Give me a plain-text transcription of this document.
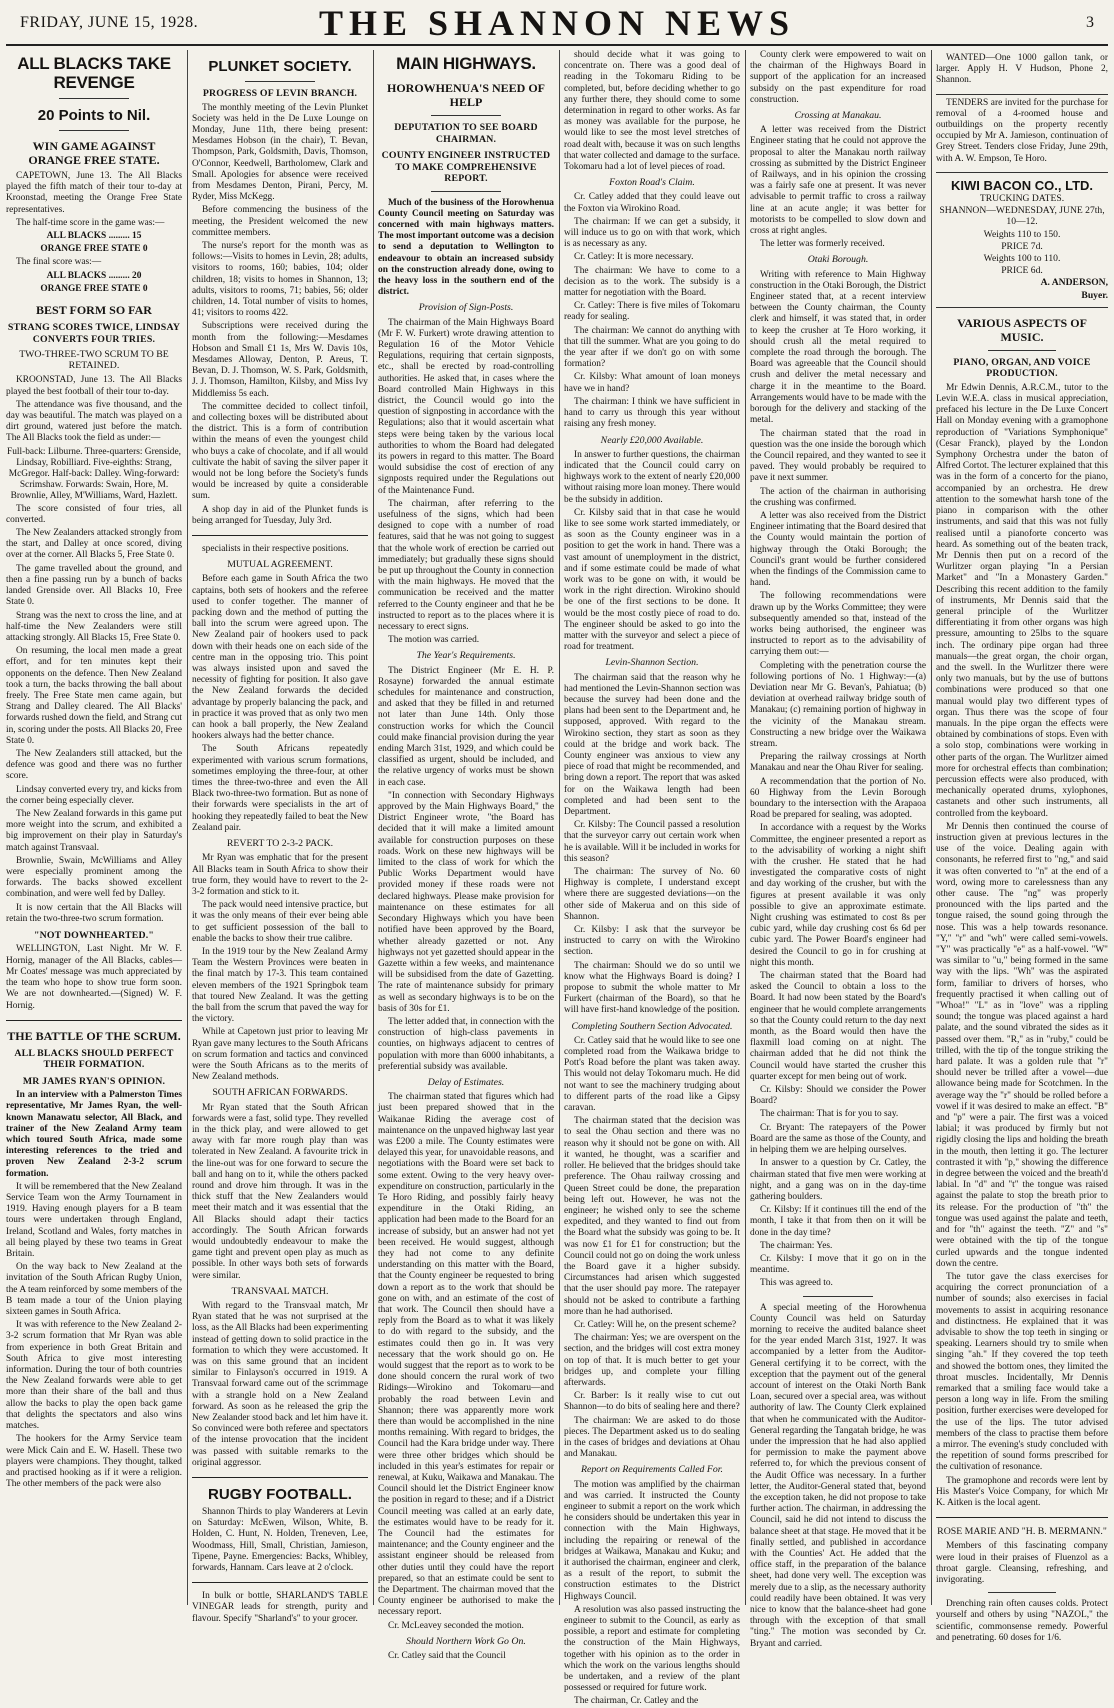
FRIDAY, JUNE 15, 1928.	THE SHANNON NEWS	3
ALL BLACKS TAKE REVENGE
20 Points to Nil.
WIN GAME AGAINST ORANGE FREE STATE.

CAPETOWN, June 13. The All Blacks played the fifth match of their tour to-day at Kroonstad, meeting the Orange Free State representatives.

The half-time score in the game was:—

ALL BLACKS ......... 15
ORANGE FREE STATE 0

The final score was:—

ALL BLACKS ......... 20
ORANGE FREE STATE 0
BEST FORM SO FAR
STRANG SCORES TWICE, LINDSAY CONVERTS FOUR TRIES.
TWO-THREE-TWO SCRUM TO BE RETAINED.

KROONSTAD, June 13. The All Blacks played the best football of their tour to-day.

The attendance was five thousand, and the day was beautiful. The match was played on a dirt ground, watered just before the match. The All Blacks took the field as under:—

Full-back: Lilburne. Three-quarters: Grenside, Lindsay, Robilliard. Five-eighths: Strang, McGregor. Half-back: Dalley. Wing-forward: Scrimshaw. Forwards: Swain, Hore, M. Brownlie, Alley, M'Williams, Ward, Hazlett.

The score consisted of four tries, all converted.

The New Zealanders attacked strongly from the start, and Dalley at once scored, diving over at the corner. All Blacks 5, Free State 0.

The game travelled about the ground, and then a fine passing run by a bunch of backs landed Grenside over. All Blacks 10, Free State 0.

Strang was the next to cross the line, and at half-time the New Zealanders were still attacking strongly. All Blacks 15, Free State 0.

On resuming, the local men made a great effort, and for ten minutes kept their opponents on the defence. Then New Zealand took a turn, the backs throwing the ball about freely. The Free State men came again, but Strang and Dalley cleared. The All Blacks' forwards rushed down the field, and Strang cut in, scoring under the posts. All Blacks 20, Free State 0.

The New Zealanders still attacked, but the defence was good and there was no further score.

Lindsay converted every try, and kicks from the corner being especially clever.

The New Zealand forwards in this game put more weight into the scrum, and exhibited a big improvement on their play in Saturday's match against Transvaal.

Brownlie, Swain, McWilliams and Alley were especially prominent among the forwards. The backs showed excellent combination, and were well fed by Dalley.

It is now certain that the All Blacks will retain the two-three-two scrum formation.

"NOT DOWNHEARTED."

WELLINGTON, Last Night. Mr W. F. Hornig, manager of the All Blacks, cables—Mr Coates' message was much appreciated by the team who hope to show true form soon. We are not downhearted.—(Signed) W. F. Hornig.

THE BATTLE OF THE SCRUM.
ALL BLACKS SHOULD PERFECT THEIR FORMATION.
MR JAMES RYAN'S OPINION.

In an interview with a Palmerston Times representative, Mr James Ryan, the well-known Manawatu selector, All Black, and trainer of the New Zealand Army team which toured South Africa, made some interesting references to the tried and proven New Zealand 2-3-2 scrum formation.

It will be remembered that the New Zealand Service Team won the Army Tournament in 1919. Having enough players for a B team tours were undertaken through England, Ireland, Scotland and Wales, forty matches in all being played by these two teams in Great Britain.

On the way back to New Zealand at the invitation of the South African Rugby Union, the A team reinforced by some members of the B team made a tour of the Union playing sixteen games in South Africa.

It was with reference to the New Zealand 2-3-2 scrum formation that Mr Ryan was able from experience in both Great Britain and South Africa to give most interesting information. During the tour of both countries the New Zealand forwards were able to get more than their share of the ball and thus allow the backs to play the open back game that delights the spectators and also wins matches.

The hookers for the Army Service team were Mick Cain and E. W. Hasell. These two players were champions. They thought, talked and practised hooking as if it were a religion. The other members of the pack were also

PLUNKET SOCIETY.
PROGRESS OF LEVIN BRANCH.

The monthly meeting of the Levin Plunket Society was held in the De Luxe Lounge on Monday, June 11th, there being present: Mesdames Hobson (in the chair), T. Bevan, Thompson, Park, Goldsmith, Davis, Thomson, O'Connor, Keedwell, Bartholomew, Clark and Small. Apologies for absence were received from Mesdames Denton, Pirani, Percy, M. Ryder, Miss McKegg.

Before commencing the business of the meeting, the President welcomed the new committee members.

The nurse's report for the month was as follows:—Visits to homes in Levin, 28; adults, visitors to rooms, 160; babies, 104; older children, 18; visits to homes in Shannon, 13; adults, visitors to rooms, 71; babies, 56; older children, 14. Total number of visits to homes, 41; visitors to rooms 422.

Subscriptions were received during the month from the following:—Mesdames Hobson and Small £1 1s, Mrs W. Davis 10s, Mesdames Alloway, Denton, P. Areus, T. Bevan, D. J. Thomson, W. S. Park, Goldsmith, J. J. Thomson, Hamilton, Kilsby, and Miss Ivy Middlemiss 5s each.

The committee decided to collect tinfoil, and collecting boxes will be distributed about the district. This is a form of contribution within the means of even the youngest child who buys a cake of chocolate, and if all would cultivate the habit of saving the silver paper it would not be long before the Society's funds would be increased by quite a considerable sum.

A shop day in aid of the Plunket funds is being arranged for Tuesday, July 3rd.

specialists in their respective positions.

MUTUAL AGREEMENT.

Before each game in South Africa the two captains, both sets of hookers and the referee used to confer together. The manner of packing down and the method of putting the ball into the scrum were agreed upon. The New Zealand pair of hookers used to pack down with their heads one on each side of the centre man in the opposing trio. This point was always insisted upon and saved the necessity of fighting for position. It also gave the New Zealand forwards the decided advantage by properly balancing the pack, and in practice it was proved that as only two men can hook a ball properly, the New Zealand hookers always had the better chance.

The South Africans repeatedly experimented with various scrum formations, sometimes employing the three-four, at other times the three-two-three and even the All Black two-three-two formation. But as none of their forwards were specialists in the art of hooking they repeatedly failed to beat the New Zealand pair.

REVERT TO 2-3-2 PACK.

Mr Ryan was emphatic that for the present All Blacks team in South Africa to show their true form, they would have to revert to the 2-3-2 formation and stick to it.

The pack would need intensive practice, but it was the only means of their ever being able to get sufficient possession of the ball to enable the backs to show their true calibre.

In the 1919 tour by the New Zealand Army Team the Western Provinces were beaten in the final match by 17-3. This team contained eleven members of the 1921 Springbok team that toured New Zealand. It was the getting the ball from the scrum that paved the way for the victory.

While at Capetown just prior to leaving Mr Ryan gave many lectures to the South Africans on scrum formation and tactics and convinced were the South Africans as to the merits of New Zealand methods.

SOUTH AFRICAN FORWARDS.

Mr Ryan stated that the South African forwards were a fast, solid type. They revelled in the thick play, and were allowed to get away with far more rough play than was tolerated in New Zealand. A favourite trick in the line-out was for one forward to secure the ball and hang on to it, while the others packed round and drove him through. It was in the thick stuff that the New Zealanders would meet their match and it was essential that the All Blacks should adapt their tactics accordingly. The South African forwards would undoubtedly endeavour to make the game tight and prevent open play as much as possible. In other ways both sets of forwards were similar.

TRANSVAAL MATCH.

With regard to the Transvaal match, Mr Ryan stated that he was not surprised at the loss, as the All Blacks had been experimenting instead of getting down to solid practice in the formation to which they were accustomed. It was on this same ground that an incident similar to Finlayson's occurred in 1919. A Transvaal forward came out of the scrimmage with a strangle hold on a New Zealand forward. As soon as he released the grip the New Zealander stood back and let him have it. So convinced were both referee and spectators of the intense provocation that the incident was passed with suitable remarks to the original aggressor.

RUGBY FOOTBALL.

Shannon Thirds to play Wanderers at Levin on Saturday: McEwen, Wilson, White, B. Holden, C. Hunt, N. Holden, Treneven, Lee, Woodmass, Hill, Small, Christian, Jamieson, Tipene, Payne. Emergencies: Backs, Whibley, forwards, Hannam. Cars leave at 2 o'clock.

In bulk or bottle, SHARLAND'S TABLE VINEGAR leads for strength, purity and flavour. Specify "Sharland's" to your grocer.

MAIN HIGHWAYS.
HOROWHENUA'S NEED OF HELP
DEPUTATION TO SEE BOARD CHAIRMAN.
COUNTY ENGINEER INSTRUCTED TO MAKE COMPREHENSIVE REPORT.

Much of the business of the Horowhenua County Council meeting on Saturday was concerned with main highways matters. The most important outcome was a decision to send a deputation to Wellington to endeavour to obtain an increased subsidy on the construction already done, owing to the heavy loss in the southern end of the district.

Provision of Sign-Posts.

The chairman of the Main Highways Board (Mr F. W. Furkert) wrote drawing attention to Regulation 16 of the Motor Vehicle Regulations, requiring that certain signposts, etc., shall be erected by road-controlling authorities. He asked that, in cases where the Board controlled Main Highways in this district, the Council would go into the question of signposting in accordance with the Regulations; also that it would ascertain what steps were being taken by the various local authorities to whom the Board had delegated its powers in regard to this matter. The Board would subsidise the cost of erection of any signposts required under the Regulations out of the Maintenance Fund.

The chairman, after referring to the usefulness of the signs, which had been designed to cope with a number of road features, said that he was not going to suggest that the whole work of erection be carried out immediately; but gradually these signs should be put up throughout the County in connection with the main highways. He moved that the communication be received and the matter referred to the County engineer and that he be instructed to report as to the places where it is necessary to erect signs.

The motion was carried.

The Year's Requirements.

The District Engineer (Mr E. H. P. Rosayne) forwarded the annual estimate schedules for maintenance and construction, and asked that they be filled in and returned not later than June 14th. Only those construction works for which the Council could make financial provision during the year ending March 31st, 1929, and which could be classified as urgent, should be included, and the relative urgency of works must be shown in each case.

"In connection with Secondary Highways approved by the Main Highways Board," the District Engineer wrote, "the Board has decided that it will make a limited amount available for construction purposes on these roads. Work on these new highways will be limited to the class of work for which the Public Works Department would have provided money if these roads were not declared highways. Please make provision for maintenance on these estimates for all Secondary Highways which you have been notified have been approved by the Board, whether already gazetted or not. Any highways not yet gazetted should appear in the Gazette within a few weeks, and maintenance will be subsidised from the date of Gazetting. The rate of maintenance subsidy for primary as well as secondary highways is to be on the basis of 30s for £1.

The letter added that, in connection with the construction of high-class pavements in counties, on highways adjacent to centres of population with more than 6000 inhabitants, a preferential subsidy was available.

Delay of Estimates.

The chairman stated that figures which had just been prepared showed that in the Waikanae Riding the average cost of maintenance on the unpaved highway last year was £200 a mile. The County estimates were delayed this year, for unavoidable reasons, and negotiations with the Board were set back to some extent. Owing to the very heavy over-expenditure on construction, particularly in the Te Horo Riding, and possibly fairly heavy expenditure in the Otaki Riding, an application had been made to the Board for an increase of subsidy, but an answer had not yet been received. He would suggest, although they had not come to any definite understanding on this matter with the Board, that the County engineer be requested to bring down a report as to the work that should be gone on with, and an estimate of the cost of that work. The Council then should have a reply from the Board as to what it was likely to do with regard to the subsidy, and the estimates could then go in. It was very necessary that the work should go on. He would suggest that the report as to work to be done should concern the rural work of two Ridings—Wirokino and Tokomaru—and probably the road between Levin and Shannon; there was apparently more work there than would be accomplished in the nine months remaining. With regard to bridges, the Council had the Kara bridge under way. There were three other bridges which should be included in this year's estimates for repair or renewal, at Kuku, Waikawa and Manakau. The Council should let the District Engineer know the position in regard to these; and if a District Council meeting was called at an early date, the estimates would have to be ready for it. The Council had the estimates for maintenance; and the County engineer and the assistant engineer should be released from other duties until they could have the report prepared, so that an estimate could be sent to the Department. The chairman moved that the County engineer be authorised to make the necessary report.

Cr. McLeavey seconded the motion.

Should Northern Work Go On.

Cr. Catley said that the Council

should decide what it was going to concentrate on. There was a good deal of reading in the Tokomaru Riding to be completed, but, before deciding whether to go any further there, they should come to some determination in regard to other works. As far as money was available for the purpose, he would like to see the most level stretches of road dealt with, because it was on such lengths that water collected and damage to the surface. Tokomaru had a lot of level pieces of road.

Foxton Road's Claim.

Cr. Catley added that they could leave out the Foxton via Wirokino Road.

The chairman: If we can get a subsidy, it will induce us to go on with that work, which is as necessary as any.

Cr. Catley: It is more necessary.

The chairman: We have to come to a decision as to the work. The subsidy is a matter for negotiation with the Board.

Cr. Catley: There is five miles of Tokomaru ready for sealing.

The chairman: We cannot do anything with that till the summer. What are you going to do the year after if we don't go on with some formation?

Cr. Kilsby: What amount of loan moneys have we in hand?

The chairman: I think we have sufficient in hand to carry us through this year without raising any fresh money.

Nearly £20,000 Available.

In answer to further questions, the chairman indicated that the Council could carry on highways work to the extent of nearly £20,000 without raising more loan money. There would be the subsidy in addition.

Cr. Kilsby said that in that case he would like to see some work started immediately, or as soon as the County engineer was in a position to get the work in hand. There was a vast amount of unemployment in the district, and if some estimate could be made of what work was to be gone on with, it would be work in the right direction. Wirokino should be one of the first sections to be done. It would be the most costly piece of road to do. The engineer should be asked to go into the matter with the surveyor and select a piece of road for treatment.

Levin-Shannon Section.

The chairman said that the reason why he had mentioned the Levin-Shannon section was because the survey had been done and the plans had been sent to the Department and, he supposed, approved. With regard to the Wirokino section, they start as soon as they could at the bridge and work back. The County engineer was anxious to view any piece of road that might be recommended, and bring down a report. The report that was asked for on the Waikawa length had been completed and had been sent to the Department.

Cr. Kilsby: The Council passed a resolution that the surveyor carry out certain work when he is available. Will it be included in works for this season?

The chairman: The survey of No. 60 Highway is complete, I understand except where there are suggested deviations—on the other side of Makerua and on this side of Shannon.

Cr. Kilsby: I ask that the surveyor be instructed to carry on with the Wirokino section.

The chairman: Should we do so until we know what the Highways Board is doing? I propose to submit the whole matter to Mr Furkert (chairman of the Board), so that he will have first-hand knowledge of the position.

Completing Southern Section Advocated.

Cr. Catley said that he would like to see one completed road from the Waikawa bridge to Pott's Road before the plant was taken away. This would not delay Tokomaru much. He did not want to see the machinery trudging about to different parts of the road like a Gipsy caravan.

The chairman stated that the decision was to seal the Ohau section and there was no reason why it should not be gone on with. All it wanted, he thought, was a scarifier and roller. He believed that the bridges should take preference. The Ohau railway crossing and Queen Street could be done, the preparation being left out. However, he was not the engineer; he wished only to see the scheme expedited, and they wanted to find out from the Board what the subsidy was going to be. It was now £1 for £1 for construction; but the Council could not go on doing the work unless the Board gave it a higher subsidy. Circumstances had arisen which suggested that the user should pay more. The ratepayer should not be asked to contribute a farthing more than he had authorised.

Cr. Catley: Will he, on the present scheme?

The chairman: Yes; we are overspent on the section, and the bridges will cost extra money on top of that. It is much better to get your bridges up, and complete your filling afterwards.

Cr. Barber: Is it really wise to cut out Shannon—to do bits of sealing here and there?

The chairman: We are asked to do those pieces. The Department asked us to do sealing in the cases of bridges and deviations at Ohau and Manakau.

Report on Requirements Called For.

The motion was amplified by the chairman and was carried. It instructed the County engineer to submit a report on the work which he considers should be undertaken this year in connection with the Main Highways, including the repairing or renewal of the bridges at Waikawa, Manakau and Kuku; and it authorised the chairman, engineer and clerk, as a result of the report, to submit the construction estimates to the District Highways Council.

A resolution was also passed instructing the engineer to submit to the Council, as early as possible, a report and estimate for completing the construction of the Main Highways, together with his opinion as to the order in which the work on the various lengths should be undertaken, and a review of the plant possessed or required for future work.

The chairman, Cr. Catley and the

County clerk were empowered to wait on the chairman of the Highways Board in support of the application for an increased subsidy on the past expenditure for road construction.

Crossing at Manakau.

A letter was received from the District Engineer stating that he could not approve the proposal to alter the Manakau north railway crossing as submitted by the District Engineer of Railways, and in his opinion the crossing was a fairly safe one at present. It was never advisable to permit traffic to cross a railway line at an acute angle; it was better for motorists to be compelled to slow down and cross at right angles.

The letter was formerly received.

Otaki Borough.

Writing with reference to Main Highway construction in the Otaki Borough, the District Engineer stated that, at a recent interview between the County chairman, the County clerk and himself, it was stated that, in order to keep the crusher at Te Horo working, it should crush all the metal required to complete the road through the borough. The Board was agreeable that the Council should crush and deliver the metal necessary and charge it in the meantime to the Board. Arrangements would have to be made with the borough for the delivery and stacking of the metal.

The chairman stated that the road in question was the one inside the borough which the Council repaired, and they wanted to see it paved. They would probably be required to pave it next summer.

The action of the chairman in authorising the crushing was confirmed.

A letter was also received from the District Engineer intimating that the Board desired that the County would maintain the portion of highway through the Otaki Borough; the Council's grant would be further considered when the findings of the Commission came to hand.

The following recommendations were drawn up by the Works Committee; they were subsequently amended so that, instead of the works being authorised, the engineer was instructed to report as to the advisability of carrying them out:—

Completing with the penetration course the following portions of No. 1 Highway:—(a) Deviation near Mr G. Bevan's, Pahiatua; (b) deviation at overhead railway bridge south of Manakau; (c) remaining portion of highway in the vicinity of the Manakau stream. Constructing a new bridge over the Waikawa stream.

Preparing the railway crossings at North Manakau and near the Ohau River for sealing.

A recommendation that the portion of No. 60 Highway from the Levin Borough boundary to the intersection with the Arapaoa Road be prepared for sealing, was adopted.

In accordance with a request by the Works Committee, the engineer presented a report as to the advisability of working a night shift with the crusher. He stated that he had investigated the comparative costs of night and day working of the crusher, but with the figures at present available it was only possible to give an approximate estimate. Night crushing was estimated to cost 8s per cubic yard, while day crushing cost 6s 6d per cubic yard. The Power Board's engineer had desired the Council to go in for crushing at night this month.

The chairman stated that the Board had asked the Council to obtain a loss to the Board. It had now been stated by the Board's engineer that he would complete arrangements so that the County could return to the day next month, as the Board would then have the flaxmill load coming on at night. The chairman added that he did not think the Council would have started the crusher this quarter except for men being out of work.

Cr. Kilsby: Should we consider the Power Board?

The chairman: That is for you to say.

Cr. Bryant: The ratepayers of the Power Board are the same as those of the County, and in helping them we are helping ourselves.

In answer to a question by Cr. Catley, the chairman stated that five men were working at night, and a gang was on in the day-time gathering boulders.

Cr. Kilsby: If it continues till the end of the month, I take it that from then on it will be done in the day time?

The chairman: Yes.

Cr. Kilsby: I move that it go on in the meantime.

This was agreed to.

A special meeting of the Horowhenua County Council was held on Saturday morning to receive the audited balance sheet for the year ended March 31st, 1927. It was accompanied by a letter from the Auditor-General certifying it to be correct, with the exception that the payment out of the general account of interest on the Otaki North Bank Loan, secured over a special area, was without authority of law. The County Clerk explained that when he communicated with the Auditor-General regarding the Tangatah bridge, he was under the impression that he had also applied for permission to make the payment above referred to, for which the previous consent of the Audit Office was necessary. In a further letter, the Auditor-General stated that, beyond the exception taken, he did not propose to take further action. The chairman, in addressing the Council, said he did not intend to discuss the balance sheet at that stage. He moved that it be finally settled, and published in accordance with the Counties' Act. He added that the office staff, in the preparation of the balance sheet, had done very well. The exception was merely due to a slip, as the necessary authority could readily have been obtained. It was very nice to know that the balance-sheet had gone through with the exception of that small "ting." The motion was seconded by Cr. Bryant and carried.

WANTED—One 1000 gallon tank, or larger. Apply H. V Hudson, Phone 2, Shannon.

TENDERS are invited for the purchase for removal of a 4-roomed house and outbuildings on the property recently occupied by Mr A. Jamieson, continuation of Grey Street. Tenders close Friday, June 29th, with A. W. Empson, Te Horo.

KIWI BACON CO., LTD.
TRUCKING DATES.
SHANNON—WEDNESDAY, JUNE 27th, 10—12.
Weights 110 to 150.
PRICE 7d.
Weights 100 to 110.
PRICE 6d.
A. ANDERSON,
Buyer.
VARIOUS ASPECTS OF MUSIC.
PIANO, ORGAN, AND VOICE PRODUCTION.

Mr Edwin Dennis, A.R.C.M., tutor to the Levin W.E.A. class in musical appreciation, prefaced his lecture in the De Luxe Concert Hall on Monday evening with a gramophone reproduction of "Variations Symphonique" (Cesar Franck), played by the London Symphony Orchestra under the baton of Alfred Cortot. The lecturer explained that this was in the form of a concerto for the piano, accompanied by an orchestra. He drew attention to the somewhat harsh tone of the piano in comparison with the other instruments, and said that this was not fully realised until a pianoforte concerto was heard. As something out of the beaten track, Mr Dennis then put on a record of the Wurlitzer organ playing "In a Persian Market" and "In a Monastery Garden." Describing this recent addition to the family of instruments, Mr Dennis said that the general principle of the Wurlitzer differentiating it from other organs was high pressure, amounting to 25lbs to the square inch. The ordinary pipe organ had three manuals—the great organ, the choir organ, and the swell. In the Wurlitzer there were only two manuals, but by the use of buttons combinations were produced so that one manual would play two different types of organ. Thus there was the scope of four manuals. In the pipe organ the effects were obtained by combinations of stops. Even with a solo stop, combinations were working in other parts of the organ. The Wurlitzer aimed more for orchestral effects than combination; percussion effects were also produced, with mechanically operated drums, xylophones, castanets and other such instruments, all controlled from the keyboard.

Mr Dennis then continued the course of instruction given at previous lectures in the use of the voice. Dealing again with consonants, he referred first to "ng," and said it was often converted to "n" at the end of a word, owing more to carelessness than any other cause. The "ng" was properly pronounced with the lips parted and the tongue raised, the sound going through the nose. This was a help towards resonance. "Y," "r" and "wh" were called semi-vowels. "Y" was practically "e" as a half-vowel. "W" was similar to "u," being formed in the same way with the lips. "Wh" was the aspirated form, familiar to drivers of horses, who frequently practised it when calling out of "Whoa!" "L" as in "love" was a rippling sound; the tongue was placed against a hard palate, and the sound vibrated the sides as it passed over them. "R," as in "ruby," could be trilled, with the tip of the tongue striking the hard palate. It was a golden rule that "r" should never be trilled after a vowel—due allowance being made for Scotchmen. In the average way the "r" should be rolled before a vowel if it was desired to make an effect. "B" and "p" were a pair. The first was a voiced labial; it was produced by firmly but not rigidly closing the lips and holding the breath in the mouth, then letting it go. The lecturer contrasted it with "p," showing the difference in degree between the voiced and the breath'd labial. In "d" and "t" the tongue was raised against the palate to stop the breath prior to its release. For the production of "th" the tongue was used against the palate and teeth, and for "th" against the teeth. "Z" and "s" were obtained with the tip of the tongue curled upwards and the tongue indented down the centre.

The tutor gave the class exercises for acquiring the correct pronunciation of a number of sounds; also exercises in facial movements to assist in acquiring resonance and distinctness. He explained that it was advisable to show the top teeth in singing or speaking. Learners should try to smile when singing "ah." If they covered the top teeth and showed the bottom ones, they limited the throat muscles. Incidentally, Mr Dennis remarked that a smiling face would take a person a long way in life. From the smiling position, further exercises were developed for the use of the lips. The tutor advised members of the class to practise them before a mirror. The evening's study concluded with the repetition of sound forms prescribed for the cultivation of resonance.

The gramophone and records were lent by His Master's Voice Company, for which Mr K. Aitken is the local agent.

ROSE MARIE AND "H. B. MERMANN."

Members of this fascinating company were loud in their praises of Fluenzol as a throat gargle. Cleansing, refreshing, and invigorating.

Drenching rain often causes colds. Protect yourself and others by using "NAZOL," the scientific, commonsense remedy. Powerful and penetrating. 60 doses for 1/6.
